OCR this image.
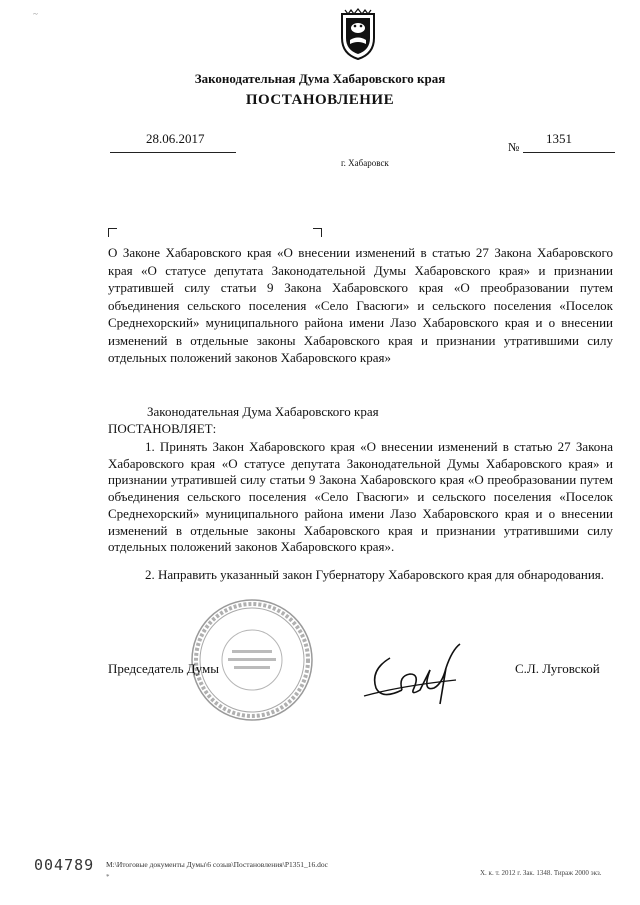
Законодательная Дума Хабаровского края
ПОСТАНОВЛЕНИЕ
28.06.2017
№
1351
г. Хабаровск
О Законе Хабаровского края «О внесении изменений в статью 27 Закона Хабаровского края «О статусе депутата Законодательной Думы Хабаровского края» и признании утратившей силу статьи 9 Закона Хабаровского края «О преобразовании путем объединения сельского поселения «Село Гвасюги» и сельского поселения «Поселок Среднехорский» муниципального района имени Лазо Хабаровского края и о внесении изменений в отдельные законы Хабаровского края и признании утратившими силу отдельных положений законов Хабаровского края»
Законодательная Дума Хабаровского края
ПОСТАНОВЛЯЕТ:
1. Принять Закон Хабаровского края «О внесении изменений в статью 27 Закона Хабаровского края «О статусе депутата Законодательной Думы Хабаровского края» и признании утратившей силу статьи 9 Закона Хабаровского края «О преобразовании путем объединения сельского поселения «Село Гвасюги» и сельского поселения «Поселок Среднехорский» муниципального района имени Лазо Хабаровского края и о внесении изменений в отдельные законы Хабаровского края и признании утратившими силу отдельных положений законов Хабаровского края».
2. Направить указанный закон Губернатору Хабаровского края для обнародования.
Председатель Думы	С.Л. Луговской
004789 M:\Итоговые документы Думы\6 созыв\Постановления\P1351_16.doc
Х. к. т. 2012 г. Зак. 1348. Тираж 2000 экз.
~
*
